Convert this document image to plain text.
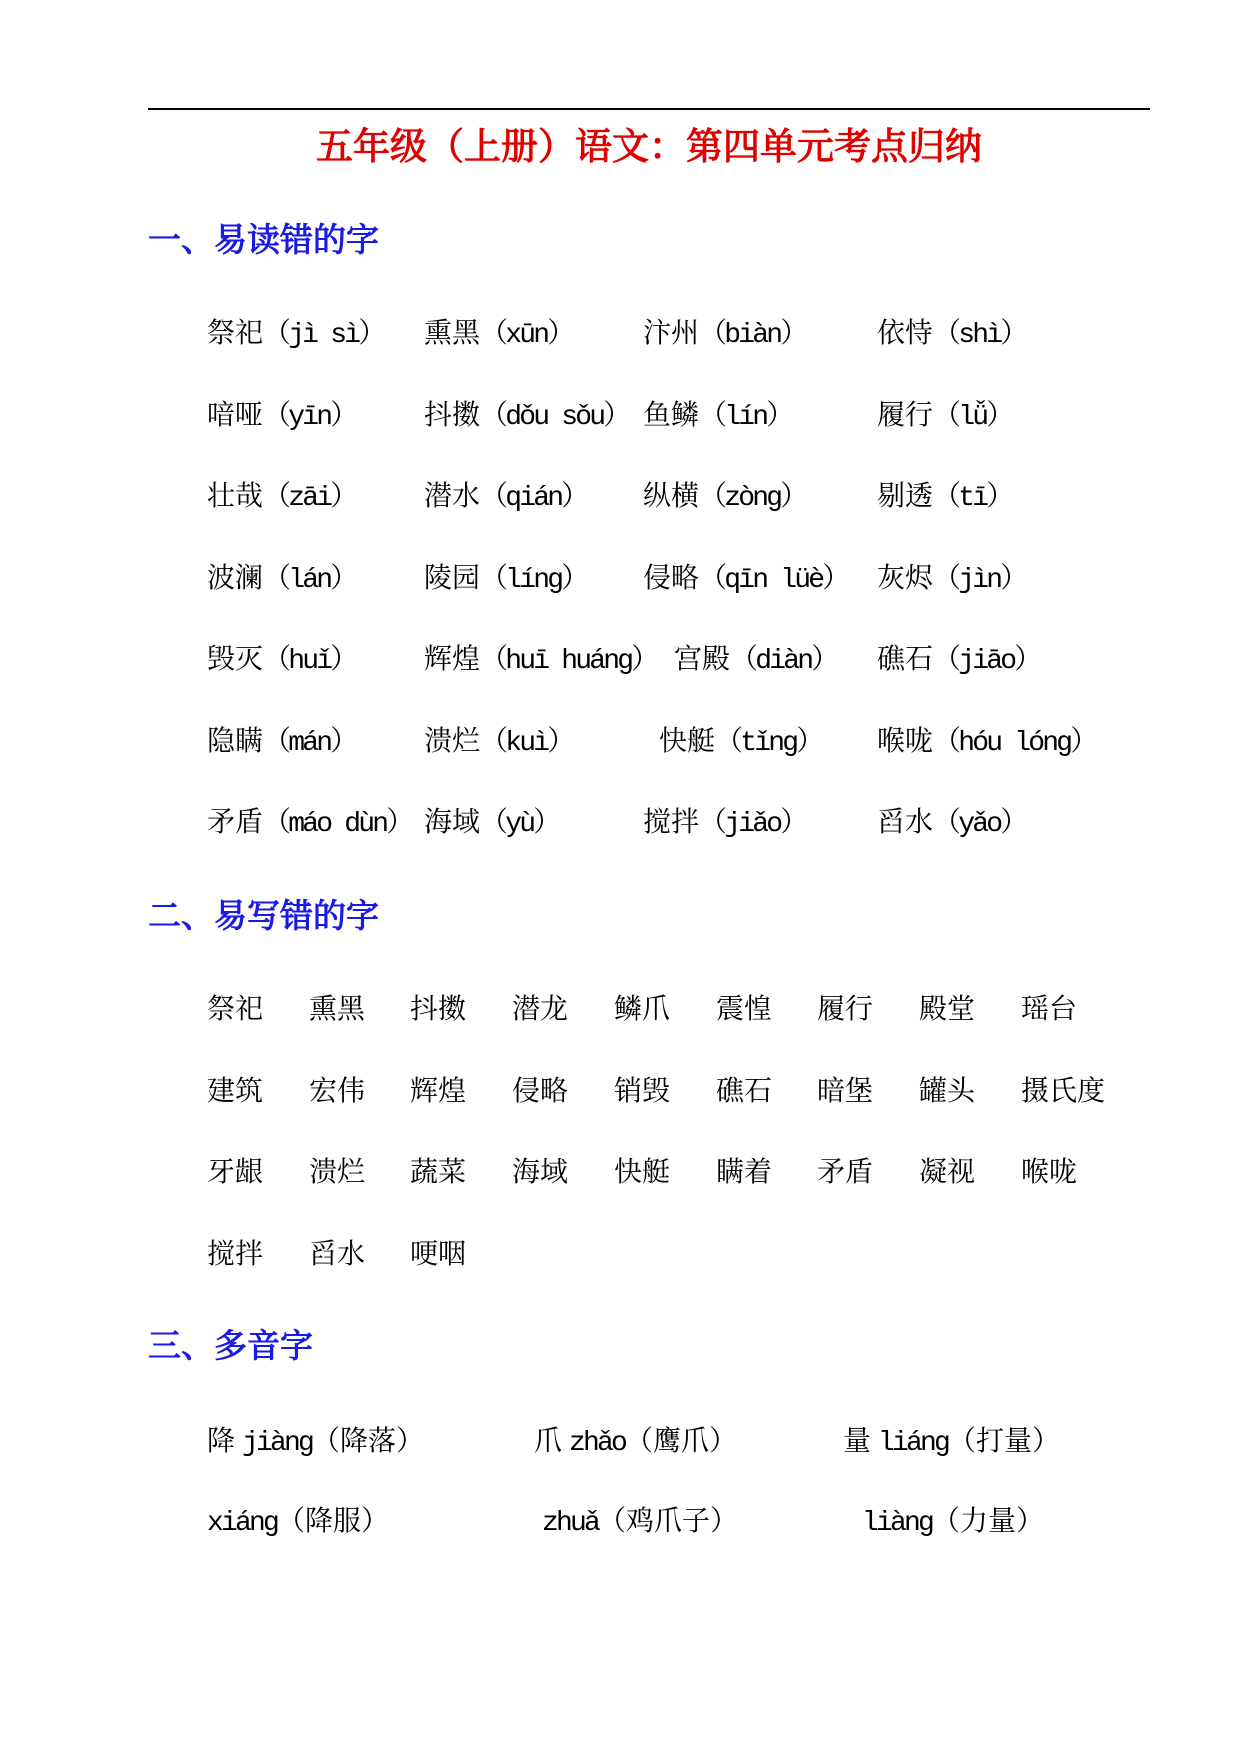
五年级（上册）语文：第四单元考点归纳
一、易读错的字
祭祀（jì sì） 熏黑（xūn）	汴州（biàn）	依恃（shì）
喑哑（yīn） 抖擞（dǒu sǒu） 鱼鳞（lín）	履行（lǚ）
壮哉（zāi） 潜水（qián） 纵横（zòng）	剔透（tī）
波澜（lán） 陵园（líng） 侵略（qīn lüè） 灰烬（jìn）
毁灭（huǐ） 辉煌（huī huáng） 宫殿（diàn） 礁石（jiāo）
隐瞒（mán） 溃烂（kuì）	快艇（tǐng） 喉咙（hóu lóng）
矛盾（máo dùn） 海域（yù）	搅拌（jiǎo）	舀水（yǎo）
二、易写错的字
祭祀 熏黑 抖擞 潜龙 鳞爪 震惶 履行 殿堂 瑶台
建筑 宏伟 辉煌 侵略 销毁 礁石 暗堡 罐头 摄氏度
牙龈 溃烂 蔬菜 海域 快艇 瞒着 矛盾 凝视 喉咙
搅拌 舀水 哽咽
三、多音字
降 jiàng（降落）	爪 zhǎo（鹰爪）	量 liáng（打量）
xiáng（降服）	zhuǎ（鸡爪子）	liàng（力量）
